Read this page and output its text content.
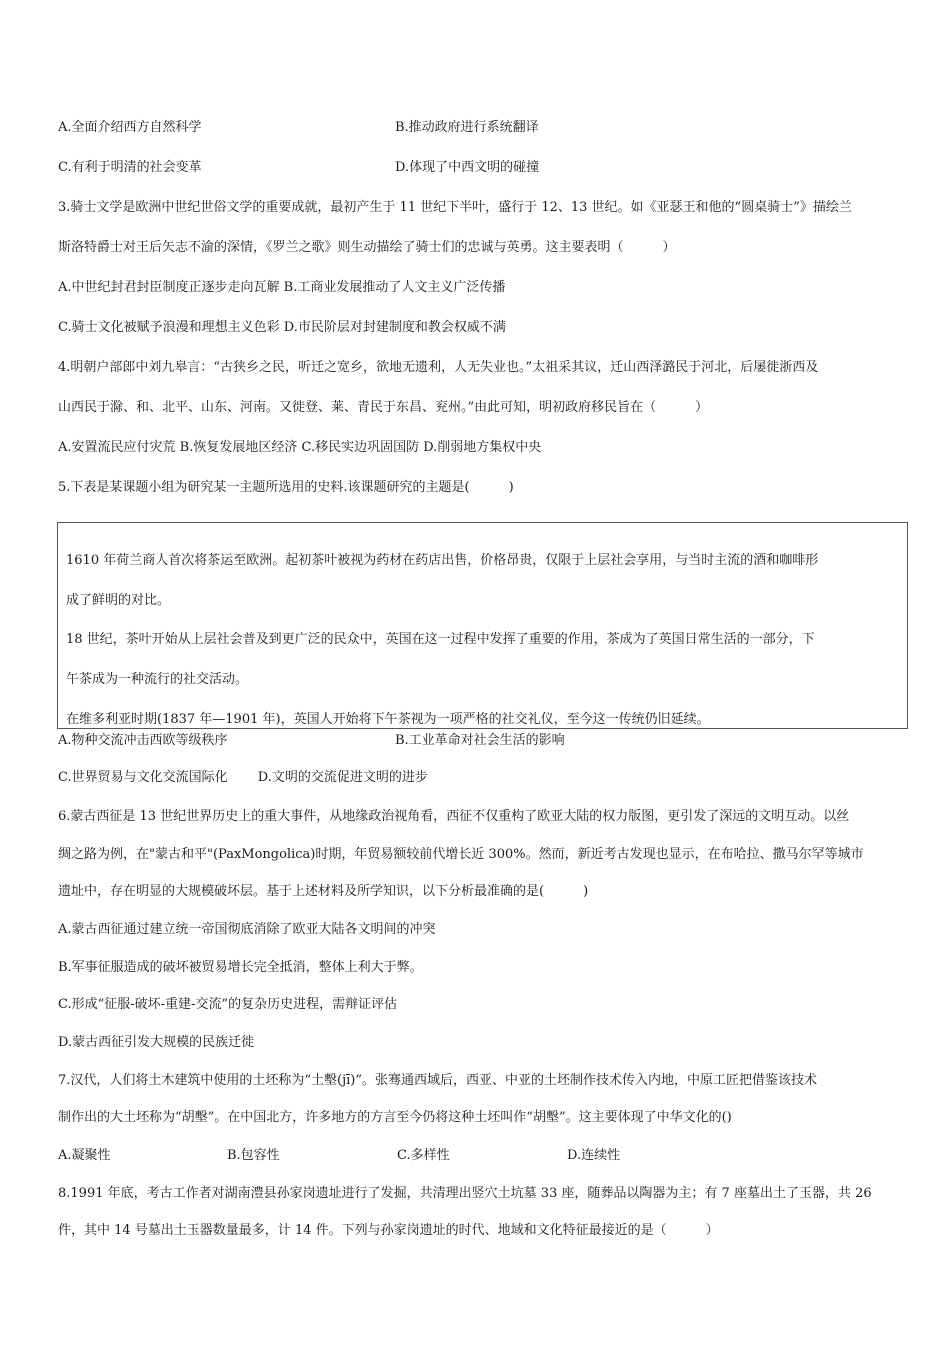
A.全面介绍西方自然科学	B.推动政府进行系统翻译
C.有利于明清的社会变革	D.体现了中西文明的碰撞
3.骑士文学是欧洲中世纪世俗文学的重要成就，最初产生于 11 世纪下半叶，盛行于 12、13 世纪。如《亚瑟王和他的“圆桌骑士”》描绘兰
斯洛特爵士对王后矢志不渝的深情，《罗兰之歌》则生动描绘了骑士们的忠诚与英勇。这主要表明（　　　）
A.中世纪封君封臣制度正逐步走向瓦解 B.工商业发展推动了人文主义广泛传播
C.骑士文化被赋予浪漫和理想主义色彩 D.市民阶层对封建制度和教会权威不满
4.明朝户部郎中刘九皋言：“古狭乡之民，听迁之宽乡，欲地无遗利，人无失业也。”太祖采其议，迁山西泽潞民于河北，后屡徙浙西及
山西民于滁、和、北平、山东、河南。又徙登、莱、青民于东昌、兖州。”由此可知，明初政府移民旨在（　　　）
A.安置流民应付灾荒 B.恢复发展地区经济 C.移民实边巩固国防 D.削弱地方集权中央
5.下表是某课题小组为研究某一主题所选用的史料.该课题研究的主题是(　　　)
1610 年荷兰商人首次将茶运至欧洲。起初茶叶被视为药材在药店出售，价格昂贵，仅限于上层社会享用，与当时主流的酒和咖啡形
成了鲜明的对比。
18 世纪，茶叶开始从上层社会普及到更广泛的民众中，英国在这一过程中发挥了重要的作用，茶成为了英国日常生活的一部分，下
午茶成为一种流行的社交活动。
在维多利亚时期(1837 年—1901 年)，英国人开始将下午茶视为一项严格的社交礼仪，至今这一传统仍旧延续。
A.物种交流冲击西欧等级秩序	B.工业革命对社会生活的影响
C.世界贸易与文化交流国际化　　 D.文明的交流促进文明的进步
6.蒙古西征是 13 世纪世界历史上的重大事件，从地缘政治视角看，西征不仅重构了欧亚大陆的权力版图，更引发了深远的文明互动。以丝
绸之路为例，在"蒙古和平"(PaxMongolica)时期，年贸易额较前代增长近 300%。然而，新近考古发现也显示，在布哈拉、撒马尔罕等城市
遗址中，存在明显的大规模破坏层。基于上述材料及所学知识，以下分析最准确的是(　　　)
A.蒙古西征通过建立统一帝国彻底消除了欧亚大陆各文明间的冲突
B.军事征服造成的破坏被贸易增长完全抵消，整体上利大于弊。
C.形成“征服-破坏-重建-交流”的复杂历史进程，需辩证评估
D.蒙古西征引发大规模的民族迁徙
7.汉代，人们将土木建筑中使用的土坯称为“土墼(jī)”。张骞通西域后，西亚、中亚的土坯制作技术传入内地，中原工匠把借鉴该技术
制作出的大土坯称为“胡墼”。在中国北方，许多地方的方言至今仍将这种土坯叫作“胡墼”。这主要体现了中华文化的()
A.凝聚性	B.包容性	C.多样性	D.连续性
8.1991 年底，考古工作者对湖南澧县孙家岗遗址进行了发掘，共清理出竖穴土坑墓 33 座，随葬品以陶器为主；有 7 座墓出土了玉器，共 26
件，其中 14 号墓出土玉器数量最多，计 14 件。下列与孙家岗遗址的时代、地域和文化特征最接近的是（　　　）
